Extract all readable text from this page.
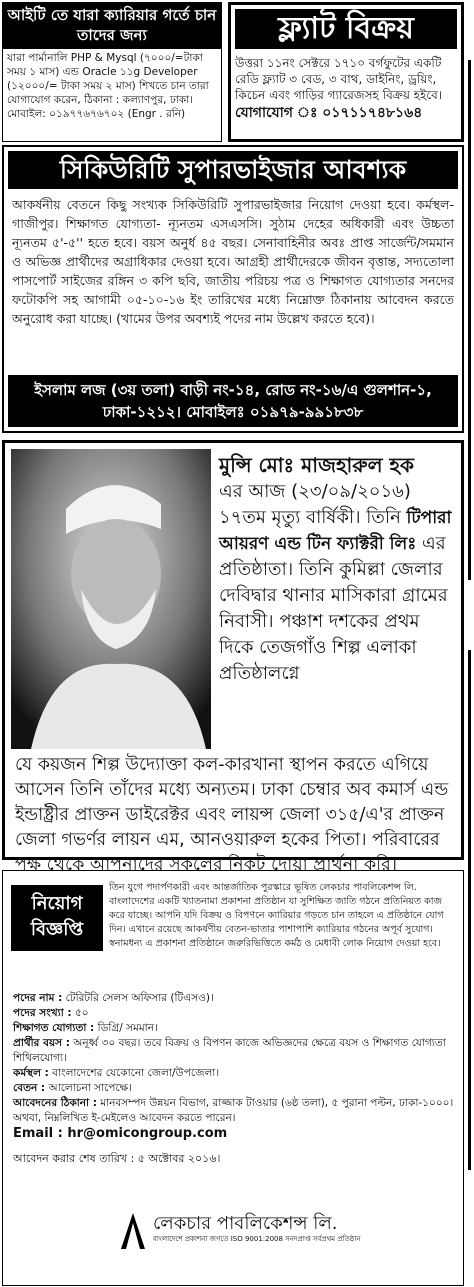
আইটি তে যারা ক্যারিয়ার গর্তে চান তাদের জন্য
যারা পার্মানালি PHP & Mysql (৭০০০/=টাকা সময় ১ মাস) এন্ড Oracle ১১g Developer (১২০০০/= টাকা সময় ২ মাস) শিখতে চান তারা যোগাযোগ করেন, ঠিকানা : কল্যাণপুর, ঢাকা। মোবাইল: ০১৯৭৭৬৭৬৭০২ (Engr . রনি)
ফ্ল্যাট বিক্রয়
উত্তরা ১১নং সেক্টরে ১৭১০ বর্গফুটের একটি রেডি ফ্ল্যাট ৩ বেড, ৩ বাথ, ডাইনিং, ড্রয়িং, কিচেন এবং গাড়ির গ্যারেজসহ বিক্রয় হইবে।
যোগাযোগ ঃ ০১৭১১৭৪৮১৬৪
সিকিউরিটি সুপারভাইজার আবশ্যক
আকর্ষনীয় বেতনে কিছু সংখ্যক সিকিউরিটি সুপারভাইজার নিয়োগ দেওয়া হবে। কর্মস্থল- গাজীপুর। শিক্ষাগত যোগ্যতা- ন্যূনতম এসএসসি। সুঠাম দেহের অধিকারী এবং উচ্চতা ন্যূনতম ৫'-৫'' হতে হবে। বয়স অনুর্ধ ৪৫ বছর। সেনাবাহিনীর অবঃ প্রাপ্ত সার্জেন্ট/সমমান ও অভিজ্ঞ প্রার্থীদের অগ্রাধিকার দেওয়া হবে। আগ্রহী প্রার্থীদেরকে জীবন বৃত্তান্ত, সদ্যতোলা পাসপোর্ট সাইজের রঙ্গিন ৩ কপি ছবি, জাতীয় পরিচয় পত্র ও শিক্ষাগত যোগ্যতার সনদের ফটোকপি সহ আগামী ০৫-১০-১৬ ইং তারিখের মধ্যে নিম্নোক্ত ঠিকানায় আবেদন করতে অনুরোধ করা যাচ্ছে। (খামের উপর অবশ্যই পদের নাম উল্লেখ করতে হবে)।
ইসলাম লজ (৩য় তলা) বাড়ী নং-১৪, রোড নং-১৬/এ গুলশান-১, ঢাকা-১২১২। মোবাইলঃ ০১৯৭৯-৯৯১৮৩৮
মুন্সি মোঃ মাজহারুল হক
এর আজ (২৩/০৯/২০১৬) ১৭তম মৃত্যু বার্ষিকী। তিনি টিপারা আয়রণ এন্ড টিন ফ্যাক্টরী লিঃ এর প্রতিষ্ঠাতা। তিনি কুমিল্লা জেলার দেবিদ্বার থানার মাসিকারা গ্রামের নিবাসী। পঞ্চাশ দশকের প্রথম দিকে তেজগাঁও শিল্প এলাকা প্রতিষ্ঠালগ্নে
যে কয়জন শিল্প উদ্যোক্তা কল-কারখানা স্থাপন করতে এগিয়ে আসেন তিনি তাঁদের মধ্যে অন্যতম। ঢাকা চেম্বার অব কমার্স এন্ড ইন্ডাষ্ট্রীর প্রাক্তন ডাইরেক্টর এবং লায়ন্স জেলা ৩১৫/এ'র প্রাক্তন জেলা গভর্ণর লায়ন এম, আনওয়ারুল হকের পিতা। পরিবারের পক্ষ থেকে আপনাদের সকলের নিকট দোয়া প্রার্থনা করি।
নিয়োগ বিজ্ঞপ্তি
তিন যুগে পদার্পণকারী এবং আন্তর্জাতিক পুরস্কারে ভূষিত লেকচার পাবলিকেশন্স লি. বাংলাদেশের একটি খ্যাতনামা প্রকাশনা প্রতিষ্ঠান যা সুশিক্ষিত জাতি গঠনে প্রতিনিয়ত কাজ করে যাচ্ছে। আপনি যদি বিক্রয় ও বিপণনে ক্যারিয়ার গড়তে চান তাহলে এ প্রতিষ্ঠানে যোগ দিন। এখানে রয়েছে আকর্ষণীয় বেতন-ভাতার পাশাপাশি ক্যারিয়ার গঠনের অপূর্ব সুযোগ। স্বনামধন্য এ প্রকাশনা প্রতিষ্ঠানে জরুরিভিত্তিতে কর্মঠ ও মেধাবী লোক নিয়োগ দেওয়া হবে।
পদের নাম : টেরিটরি সেলস অফিসার (টিএসও)।
পদের সংখ্যা : ৫০
শিক্ষাগত যোগ্যতা : ডিগ্রি/ সমমান।
প্রার্থীর বয়স : অনূর্ধ্ব ৩০ বছর। তবে বিক্রয় ও বিপণন কাজে অভিজ্ঞদের ক্ষেত্রে বয়স ও শিক্ষাগত যোগ্যতা শিথিলযোগ্য।
কর্মস্থল : বাংলাদেশের যেকোনো জেলা/উপজেলা।
বেতন : আলোচনা সাপেক্ষে।
আবেদনের ঠিকানা : মানবসম্পদ উন্নয়ন বিভাগ, রাজ্জাক টাওয়ার (৬ষ্ঠ তলা), ৫ পুরানা পল্টন, ঢাকা-১০০০। অথবা, নিম্নলিখিত ই-মেইলেও আবেদন করতে পারেন।
Email : hr@omicongroup.com
আবেদন করার শেষ তারিখ : ৫ অক্টোবর ২০১৬।
লেকচার পাবলিকেশন্স লি.
বাংলাদেশে প্রকাশনা জগতে ISO 9001:2008 সনদপ্রাপ্ত সর্বপ্রথম প্রতিষ্ঠান
